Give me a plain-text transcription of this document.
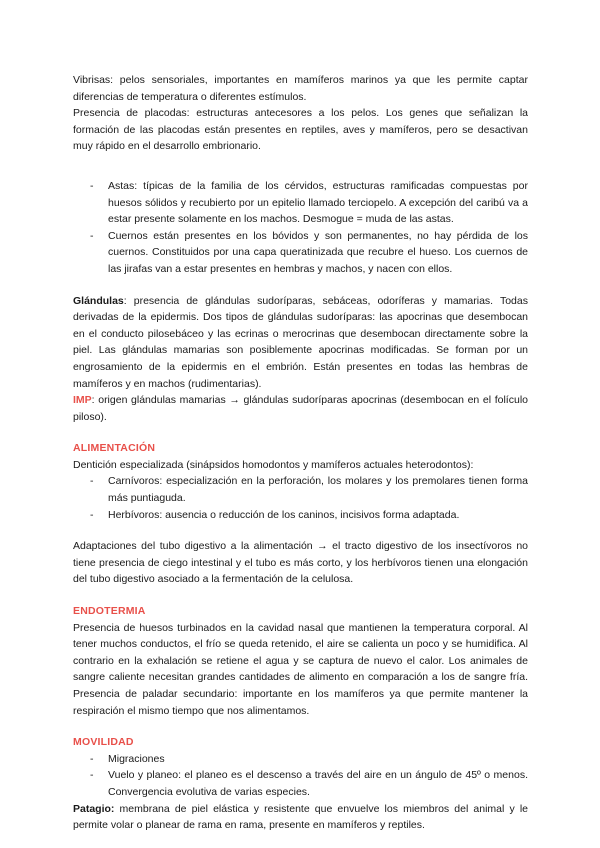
Vibrisas: pelos sensoriales, importantes en mamíferos marinos ya que les permite captar diferencias de temperatura o diferentes estímulos.

Presencia de placodas: estructuras antecesores a los pelos. Los genes que señalizan la formación de las placodas están presentes en reptiles, aves y mamíferos, pero se desactivan muy rápido en el desarrollo embrionario.

- Astas: típicas de la familia de los cérvidos, estructuras ramificadas compuestas por huesos sólidos y recubierto por un epitelio llamado terciopelo. A excepción del caribú va a estar presente solamente en los machos. Desmogue = muda de las astas.
- Cuernos están presentes en los bóvidos y son permanentes, no hay pérdida de los cuernos. Constituidos por una capa queratinizada que recubre el hueso. Los cuernos de las jirafas van a estar presentes en hembras y machos, y nacen con ellos.

Glándulas: presencia de glándulas sudoríparas, sebáceas, odoríferas y mamarias. Todas derivadas de la epidermis. Dos tipos de glándulas sudoríparas: las apocrinas que desembocan en el conducto pilosebáceo y las ecrinas o merocrinas que desembocan directamente sobre la piel. Las glándulas mamarias son posiblemente apocrinas modificadas. Se forman por un engrosamiento de la epidermis en el embrión. Están presentes en todas las hembras de mamíferos y en machos (rudimentarias).

IMP: origen glándulas mamarias → glándulas sudoríparas apocrinas (desembocan en el folículo piloso).

ALIMENTACIÓN

Dentición especializada (sinápsidos homodontos y mamíferos actuales heterodontos):

- Carnívoros: especialización en la perforación, los molares y los premolares tienen forma más puntiaguda.
- Herbívoros: ausencia o reducción de los caninos, incisivos forma adaptada.

Adaptaciones del tubo digestivo a la alimentación → el tracto digestivo de los insectívoros no tiene presencia de ciego intestinal y el tubo es más corto, y los herbívoros tienen una elongación del tubo digestivo asociado a la fermentación de la celulosa.

ENDOTERMIA

Presencia de huesos turbinados en la cavidad nasal que mantienen la temperatura corporal. Al tener muchos conductos, el frío se queda retenido, el aire se calienta un poco y se humidifica. Al contrario en la exhalación se retiene el agua y se captura de nuevo el calor. Los animales de sangre caliente necesitan grandes cantidades de alimento en comparación a los de sangre fría. Presencia de paladar secundario: importante en los mamíferos ya que permite mantener la respiración el mismo tiempo que nos alimentamos.

MOVILIDAD
- Migraciones
- Vuelo y planeo: el planeo es el descenso a través del aire en un ángulo de 45º o menos. Convergencia evolutiva de varias especies.

Patagio: membrana de piel elástica y resistente que envuelve los miembros del animal y le permite volar o planear de rama en rama, presente en mamíferos y reptiles.
